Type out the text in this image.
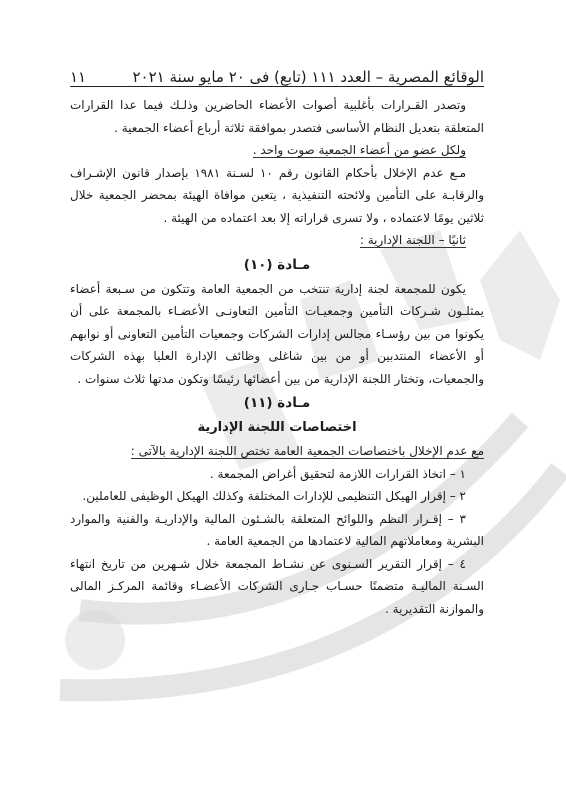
الوقائع المصرية – العدد ١١١ (تابع) فى ٢٠ مايو سنة ٢٠٢١
١١

وتصدر القـرارات بأغلبية أصوات الأعضاء الحاضرين وذلـك فيما عدا القرارات المتعلقة بتعديل النظام الأساسى فتصدر بموافقة ثلاثة أرباع أعضاء الجمعية .

ولكل عضو من أعضاء الجمعية صوت واحد .

مـع عدم الإخلال بأحكام القانون رقم ١٠ لسـنة ١٩٨١ بإصدار قانون الإشـراف والرقابـة على التأمين ولائحته التنفيذية ، يتعين موافاة الهيئة بمحضر الجمعية خلال ثلاثين يومًا لاعتماده ، ولا تسرى قراراته إلا بعد اعتماده من الهيئة .

ثانيًا – اللجنة الإدارية :

مـادة (١٠)

يكون للمجمعة لجنة إدارية تنتخب من الجمعية العامة وتتكون من سـبعة أعضاء يمثلـون شـركات التأمين وجمعيـات التأمين التعاونـى الأعضـاء بالمجمعة على أن يكونوا من بين رؤسـاء مجالس إدارات الشركات وجمعيات التأمين التعاونى أو نوابهم أو الأعضاء المنتدبين أو من بين شاغلى وظائف الإدارة العليا بهذه الشركات والجمعيات، وتختار اللجنة الإدارية من بين أعضائها رئيسًا وتكون مدتها ثلاث سنوات .

مـادة (١١)

اختصاصات اللجنة الإدارية

مع عدم الإخلال باختصاصات الجمعية العامة تختص اللجنة الإدارية بالآتى :

١ – اتخاذ القرارات اللازمة لتحقيق أغراض المجمعة .

٢ – إقرار الهيكل التنظيمى للإدارات المختلفة وكذلك الهيكل الوظيفى للعاملين.

٣ – إقـرار النظم واللوائح المتعلقة بالشـئون المالية والإداريـة والفنية والموارد البشرية ومعاملاتهم المالية لاعتمادها من الجمعية العامة .

٤ – إقرار التقرير السـنوى عن نشـاط المجمعة خلال شـهرين من تاريخ انتهاء السـنة الماليـة متضمنًا حسـاب جـارى الشركات الأعضـاء وقائمة المركـز المالى والموازنة التقديرية .
